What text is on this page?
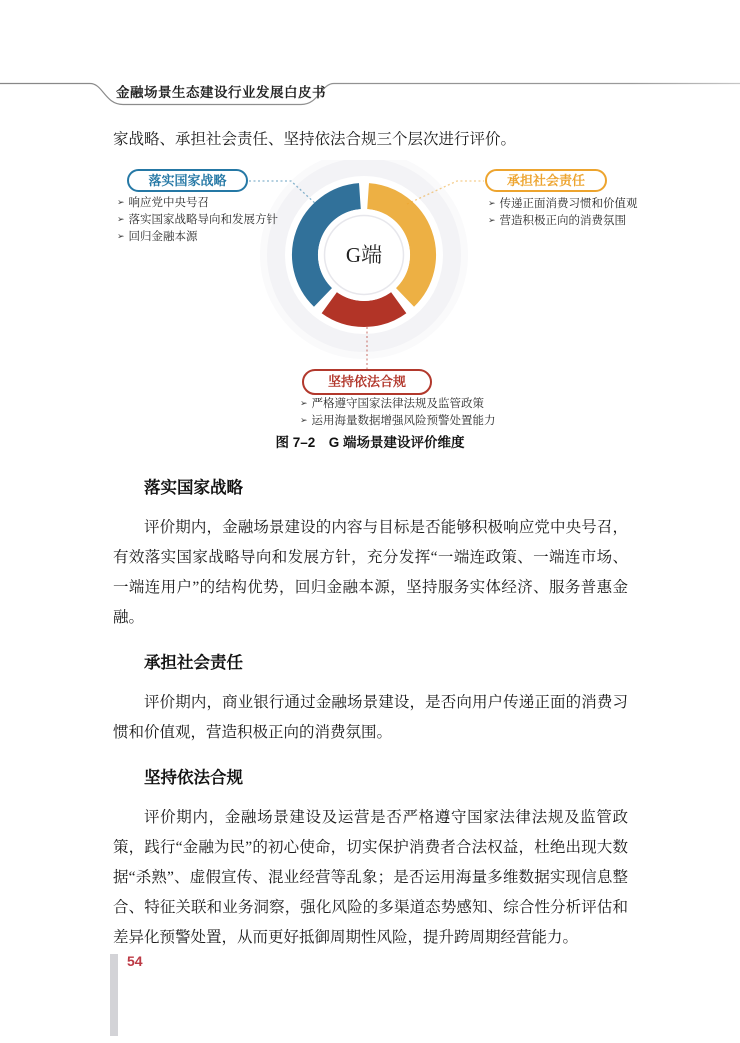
金融场景生态建设行业发展白皮书

家战略、承担社会责任、坚持依法合规三个层次进行评价。

G端
落实国家战略	承担社会责任
坚持依法合规
➢ 响应党中央号召
➢ 落实国家战略导向和发展方针
➢ 回归金融本源
➢ 传递正面消费习惯和价值观
➢ 营造积极正向的消费氛围
➢ 严格遵守国家法律法规及监管政策
➢ 运用海量数据增强风险预警处置能力
图 7–2　G 端场景建设评价维度
落实国家战略

评价期内，金融场景建设的内容与目标是否能够积极响应党中央号召，有效落实国家战略导向和发展方针，充分发挥“一端连政策、一端连市场、一端连用户”的结构优势，回归金融本源，坚持服务实体经济、服务普惠金融。

承担社会责任

评价期内，商业银行通过金融场景建设，是否向用户传递正面的消费习惯和价值观，营造积极正向的消费氛围。

坚持依法合规

评价期内，金融场景建设及运营是否严格遵守国家法律法规及监管政策，践行“金融为民”的初心使命，切实保护消费者合法权益，杜绝出现大数据“杀熟”、虚假宣传、混业经营等乱象；是否运用海量多维数据实现信息整合、特征关联和业务洞察，强化风险的多渠道态势感知、综合性分析评估和差异化预警处置，从而更好抵御周期性风险，提升跨周期经营能力。

54
